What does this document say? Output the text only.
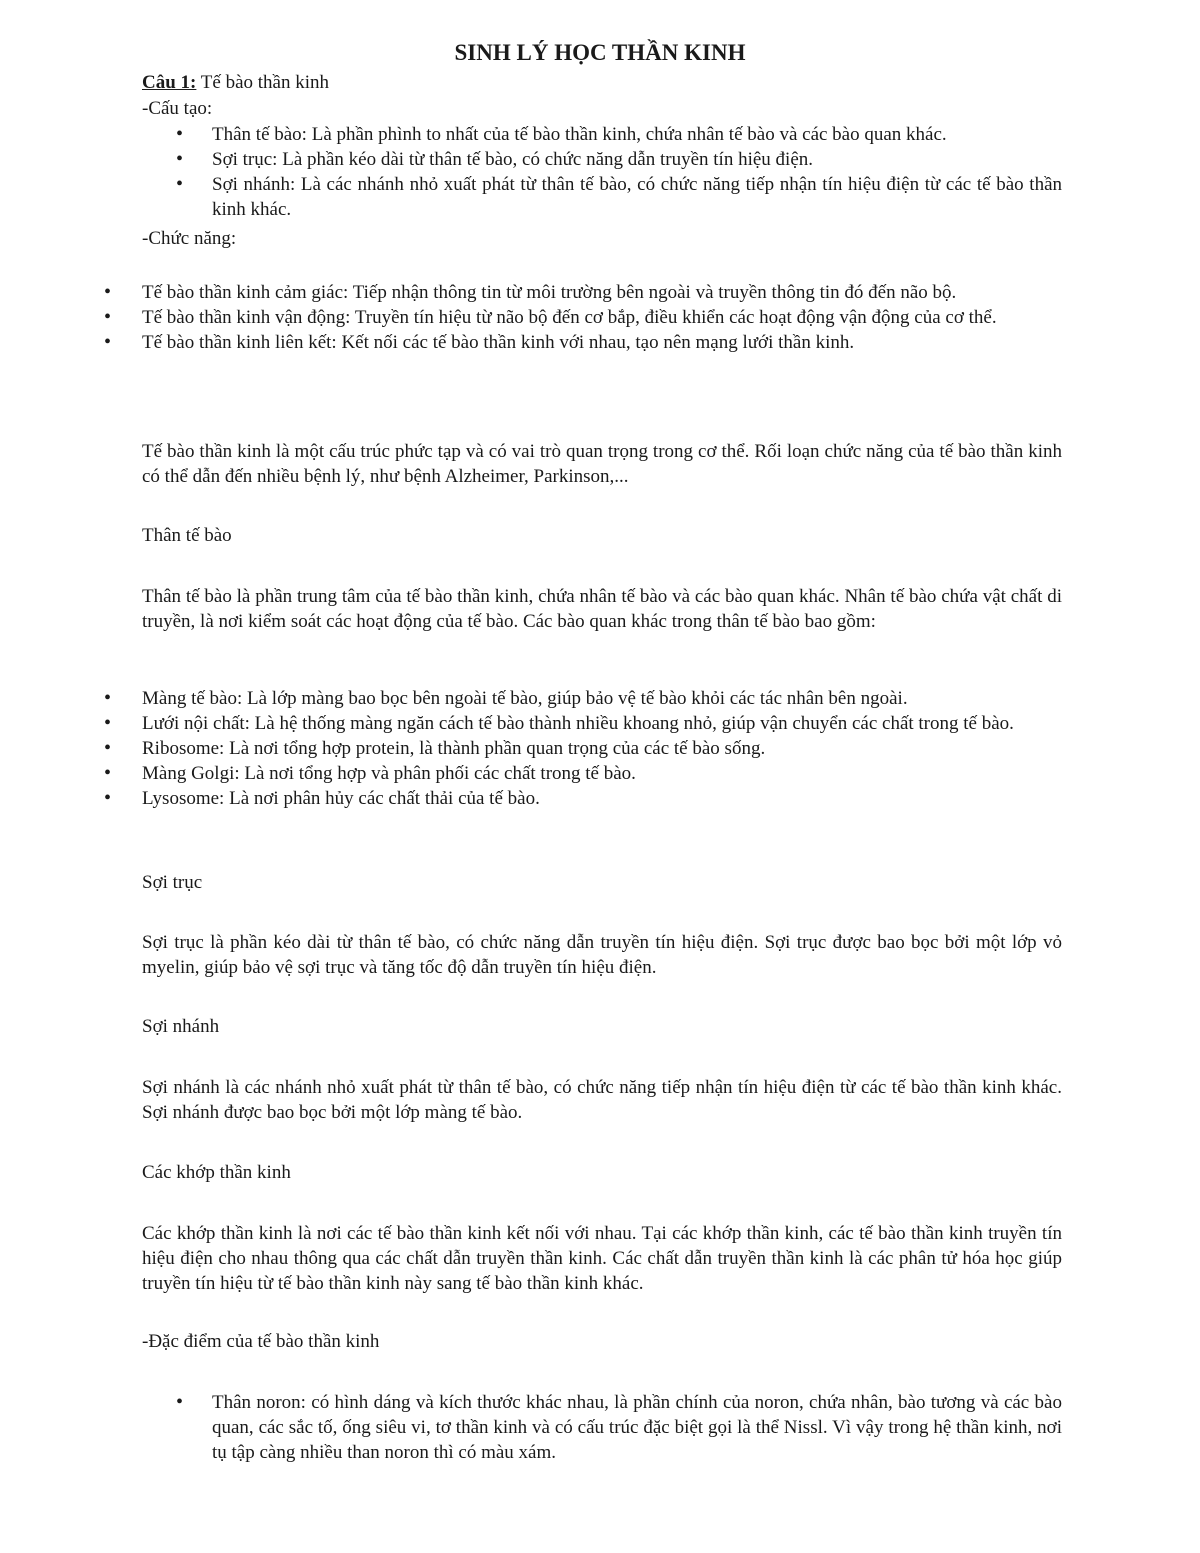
SINH LÝ HỌC THẦN KINH
Câu 1: Tế bào thần kinh
-Cấu tạo:
• Thân tế bào: Là phần phình to nhất của tế bào thần kinh, chứa nhân tế bào và các bào quan khác.
• Sợi trục: Là phần kéo dài từ thân tế bào, có chức năng dẫn truyền tín hiệu điện.
• Sợi nhánh: Là các nhánh nhỏ xuất phát từ thân tế bào, có chức năng tiếp nhận tín hiệu điện từ các tế bào thần kinh khác.
-Chức năng:
• Tế bào thần kinh cảm giác: Tiếp nhận thông tin từ môi trường bên ngoài và truyền thông tin đó đến não bộ.
• Tế bào thần kinh vận động: Truyền tín hiệu từ não bộ đến cơ bắp, điều khiển các hoạt động vận động của cơ thể.
• Tế bào thần kinh liên kết: Kết nối các tế bào thần kinh với nhau, tạo nên mạng lưới thần kinh.
Tế bào thần kinh là một cấu trúc phức tạp và có vai trò quan trọng trong cơ thể. Rối loạn chức năng của tế bào thần kinh có thể dẫn đến nhiều bệnh lý, như bệnh Alzheimer, Parkinson,...
Thân tế bào
Thân tế bào là phần trung tâm của tế bào thần kinh, chứa nhân tế bào và các bào quan khác. Nhân tế bào chứa vật chất di truyền, là nơi kiểm soát các hoạt động của tế bào. Các bào quan khác trong thân tế bào bao gồm:
• Màng tế bào: Là lớp màng bao bọc bên ngoài tế bào, giúp bảo vệ tế bào khỏi các tác nhân bên ngoài.
• Lưới nội chất: Là hệ thống màng ngăn cách tế bào thành nhiều khoang nhỏ, giúp vận chuyển các chất trong tế bào.
• Ribosome: Là nơi tổng hợp protein, là thành phần quan trọng của các tế bào sống.
• Màng Golgi: Là nơi tổng hợp và phân phối các chất trong tế bào.
• Lysosome: Là nơi phân hủy các chất thải của tế bào.
Sợi trục
Sợi trục là phần kéo dài từ thân tế bào, có chức năng dẫn truyền tín hiệu điện. Sợi trục được bao bọc bởi một lớp vỏ myelin, giúp bảo vệ sợi trục và tăng tốc độ dẫn truyền tín hiệu điện.
Sợi nhánh
Sợi nhánh là các nhánh nhỏ xuất phát từ thân tế bào, có chức năng tiếp nhận tín hiệu điện từ các tế bào thần kinh khác. Sợi nhánh được bao bọc bởi một lớp màng tế bào.
Các khớp thần kinh
Các khớp thần kinh là nơi các tế bào thần kinh kết nối với nhau. Tại các khớp thần kinh, các tế bào thần kinh truyền tín hiệu điện cho nhau thông qua các chất dẫn truyền thần kinh. Các chất dẫn truyền thần kinh là các phân tử hóa học giúp truyền tín hiệu từ tế bào thần kinh này sang tế bào thần kinh khác.
-Đặc điểm của tế bào thần kinh
• Thân noron: có hình dáng và kích thước khác nhau, là phần chính của noron, chứa nhân, bào tương và các bào quan, các sắc tố, ống siêu vi, tơ thần kinh và có cấu trúc đặc biệt gọi là thể Nissl. Vì vậy trong hệ thần kinh, nơi tụ tập càng nhiều than noron thì có màu xám.
